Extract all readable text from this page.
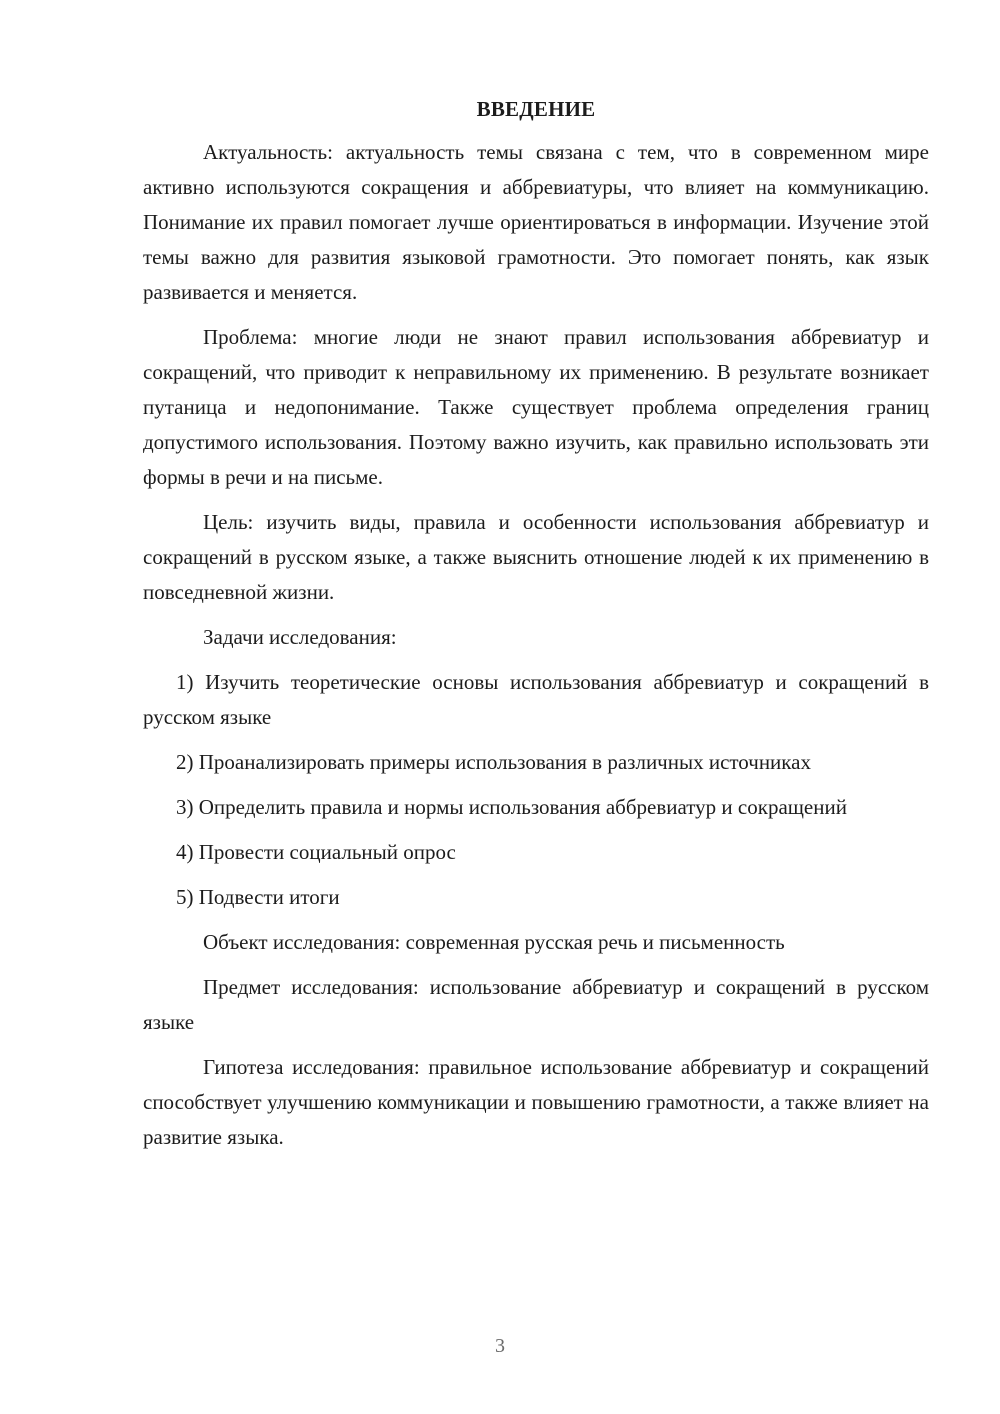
ВВЕДЕНИЕ

Актуальность: актуальность темы связана с тем, что в современном мире активно используются сокращения и аббревиатуры, что влияет на коммуникацию. Понимание их правил помогает лучше ориентироваться в информации. Изучение этой темы важно для развития языковой грамотности. Это помогает понять, как язык развивается и меняется.

Проблема: многие люди не знают правил использования аббревиатур и сокращений, что приводит к неправильному их применению. В результате возникает путаница и недопонимание. Также существует проблема определения границ допустимого использования. Поэтому важно изучить, как правильно использовать эти формы в речи и на письме.

Цель: изучить виды, правила и особенности использования аббревиатур и сокращений в русском языке, а также выяснить отношение людей к их применению в повседневной жизни.

Задачи исследования:

1) Изучить теоретические основы использования аббревиатур и сокращений в русском языке

2) Проанализировать примеры использования в различных источниках

3) Определить правила и нормы использования аббревиатур и сокращений

4) Провести социальный опрос

5) Подвести итоги

Объект исследования: современная русская речь и письменность

Предмет исследования: использование аббревиатур и сокращений в русском языке

Гипотеза исследования: правильное использование аббревиатур и сокращений способствует улучшению коммуникации и повышению грамотности, а также влияет на развитие языка.

3
